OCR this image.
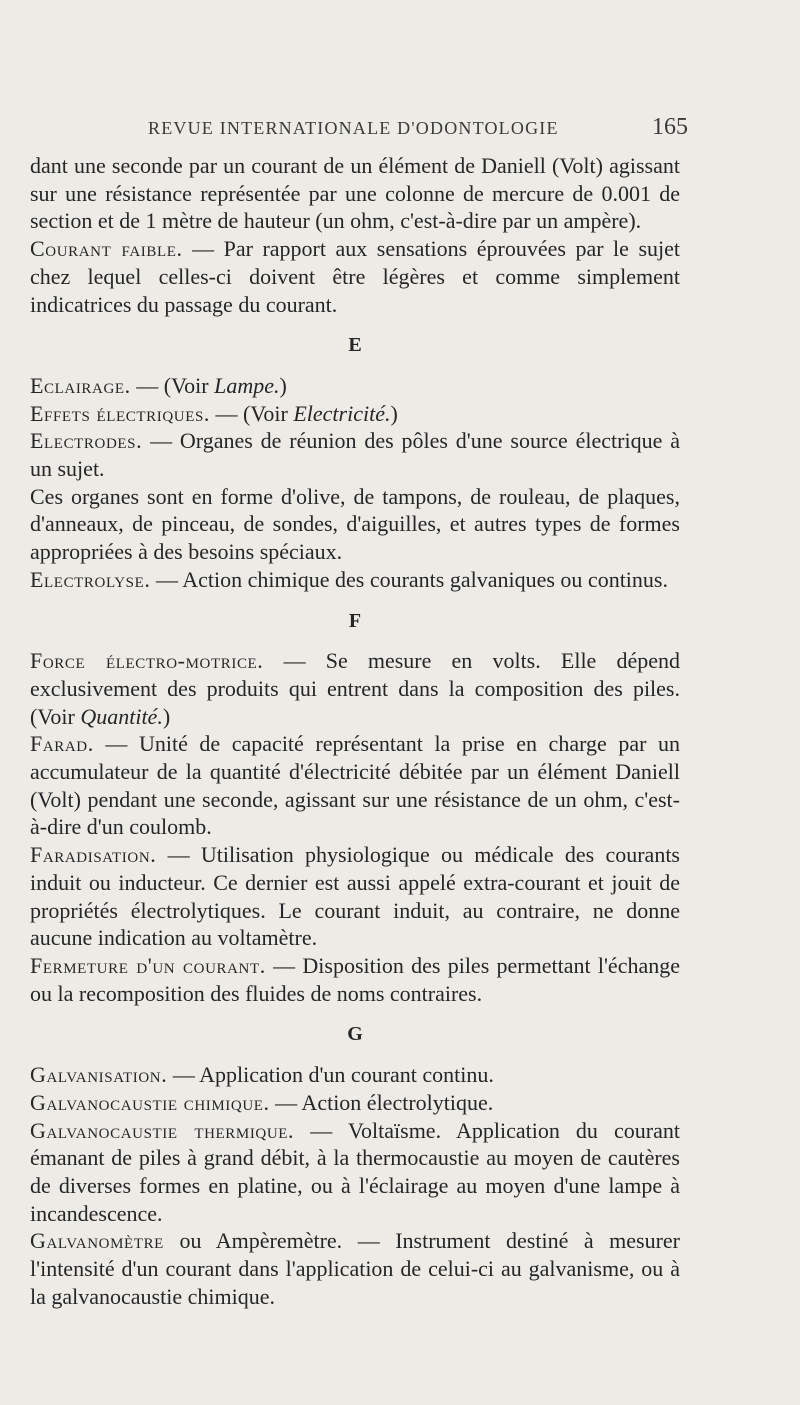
REVUE INTERNATIONALE D'ODONTOLOGIE	165

dant une seconde par un courant de un élément de Daniell (Volt) agissant sur une résistance représentée par une colonne de mercure de 0.001 de section et de 1 mètre de hauteur (un ohm, c'est-à-dire par un ampère).

Courant faible. — Par rapport aux sensations éprouvées par le sujet chez lequel celles-ci doivent être légères et comme simplement indicatrices du passage du courant.

E

Eclairage. — (Voir Lampe.)

Effets électriques. — (Voir Electricité.)

Electrodes. — Organes de réunion des pôles d'une source électrique à un sujet.

Ces organes sont en forme d'olive, de tampons, de rouleau, de plaques, d'anneaux, de pinceau, de sondes, d'aiguilles, et autres types de formes appropriées à des besoins spéciaux.

Electrolyse. — Action chimique des courants galvaniques ou continus.

F

Force électro-motrice. — Se mesure en volts. Elle dépend exclusivement des produits qui entrent dans la composition des piles. (Voir Quantité.)

Farad. — Unité de capacité représentant la prise en charge par un accumulateur de la quantité d'électricité débitée par un élément Daniell (Volt) pendant une seconde, agissant sur une résistance de un ohm, c'est-à-dire d'un coulomb.

Faradisation. — Utilisation physiologique ou médicale des courants induit ou inducteur. Ce dernier est aussi appelé extra-courant et jouit de propriétés électrolytiques. Le courant induit, au contraire, ne donne aucune indication au voltamètre.

Fermeture d'un courant. — Disposition des piles permettant l'échange ou la recomposition des fluides de noms contraires.

G

Galvanisation. — Application d'un courant continu.

Galvanocaustie chimique. — Action électrolytique.

Galvanocaustie thermique. — Voltaïsme. Application du courant émanant de piles à grand débit, à la thermocaustie au moyen de cautères de diverses formes en platine, ou à l'éclairage au moyen d'une lampe à incandescence.

Galvanomètre ou Ampèremètre. — Instrument destiné à mesurer l'intensité d'un courant dans l'application de celui-ci au galvanisme, ou à la galvanocaustie chimique.
